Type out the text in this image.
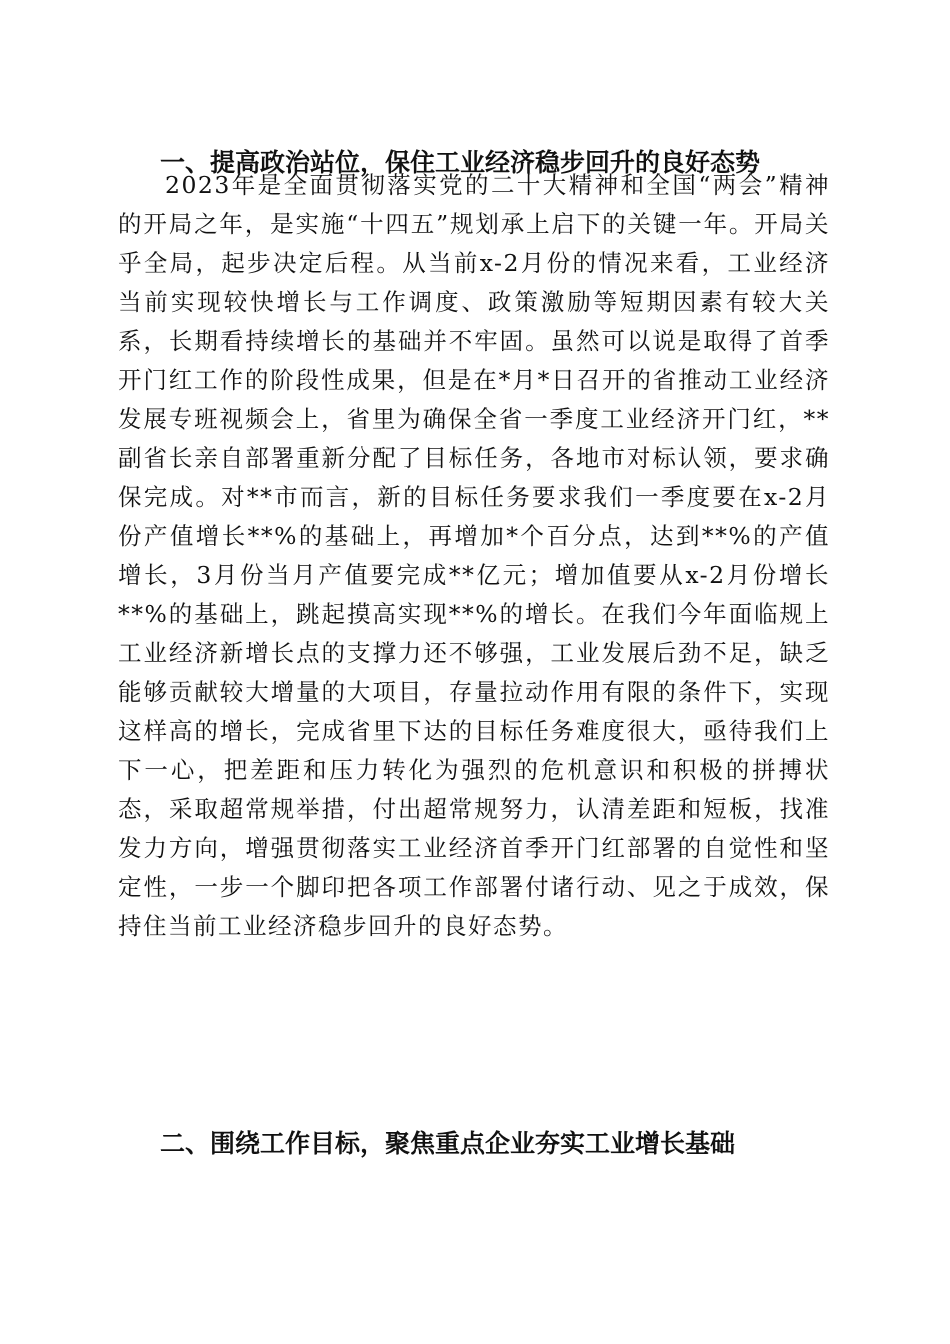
一、提高政治站位，保住工业经济稳步回升的良好态势
2023年是全面贯彻落实党的二十大精神和全国“两会”精神的开局之年，是实施“十四五”规划承上启下的关键一年。开局关乎全局，起步决定后程。从当前x-2月份的情况来看，工业经济当前实现较快增长与工作调度、政策激励等短期因素有较大关系，长期看持续增长的基础并不牢固。虽然可以说是取得了首季开门红工作的阶段性成果，但是在*月*日召开的省推动工业经济发展专班视频会上，省里为确保全省一季度工业经济开门红，**副省长亲自部署重新分配了目标任务，各地市对标认领，要求确保完成。对**市而言，新的目标任务要求我们一季度要在x-2月份产值增长**%的基础上，再增加*个百分点，达到**%的产值增长，3月份当月产值要完成**亿元；增加值要从x-2月份增长**%的基础上，跳起摸高实现**%的增长。在我们今年面临规上工业经济新增长点的支撑力还不够强，工业发展后劲不足，缺乏能够贡献较大增量的大项目，存量拉动作用有限的条件下，实现这样高的增长，完成省里下达的目标任务难度很大，亟待我们上下一心，把差距和压力转化为强烈的危机意识和积极的拼搏状态，采取超常规举措，付出超常规努力，认清差距和短板，找准发力方向，增强贯彻落实工业经济首季开门红部署的自觉性和坚定性，一步一个脚印把各项工作部署付诸行动、见之于成效，保持住当前工业经济稳步回升的良好态势。
二、围绕工作目标，聚焦重点企业夯实工业增长基础
